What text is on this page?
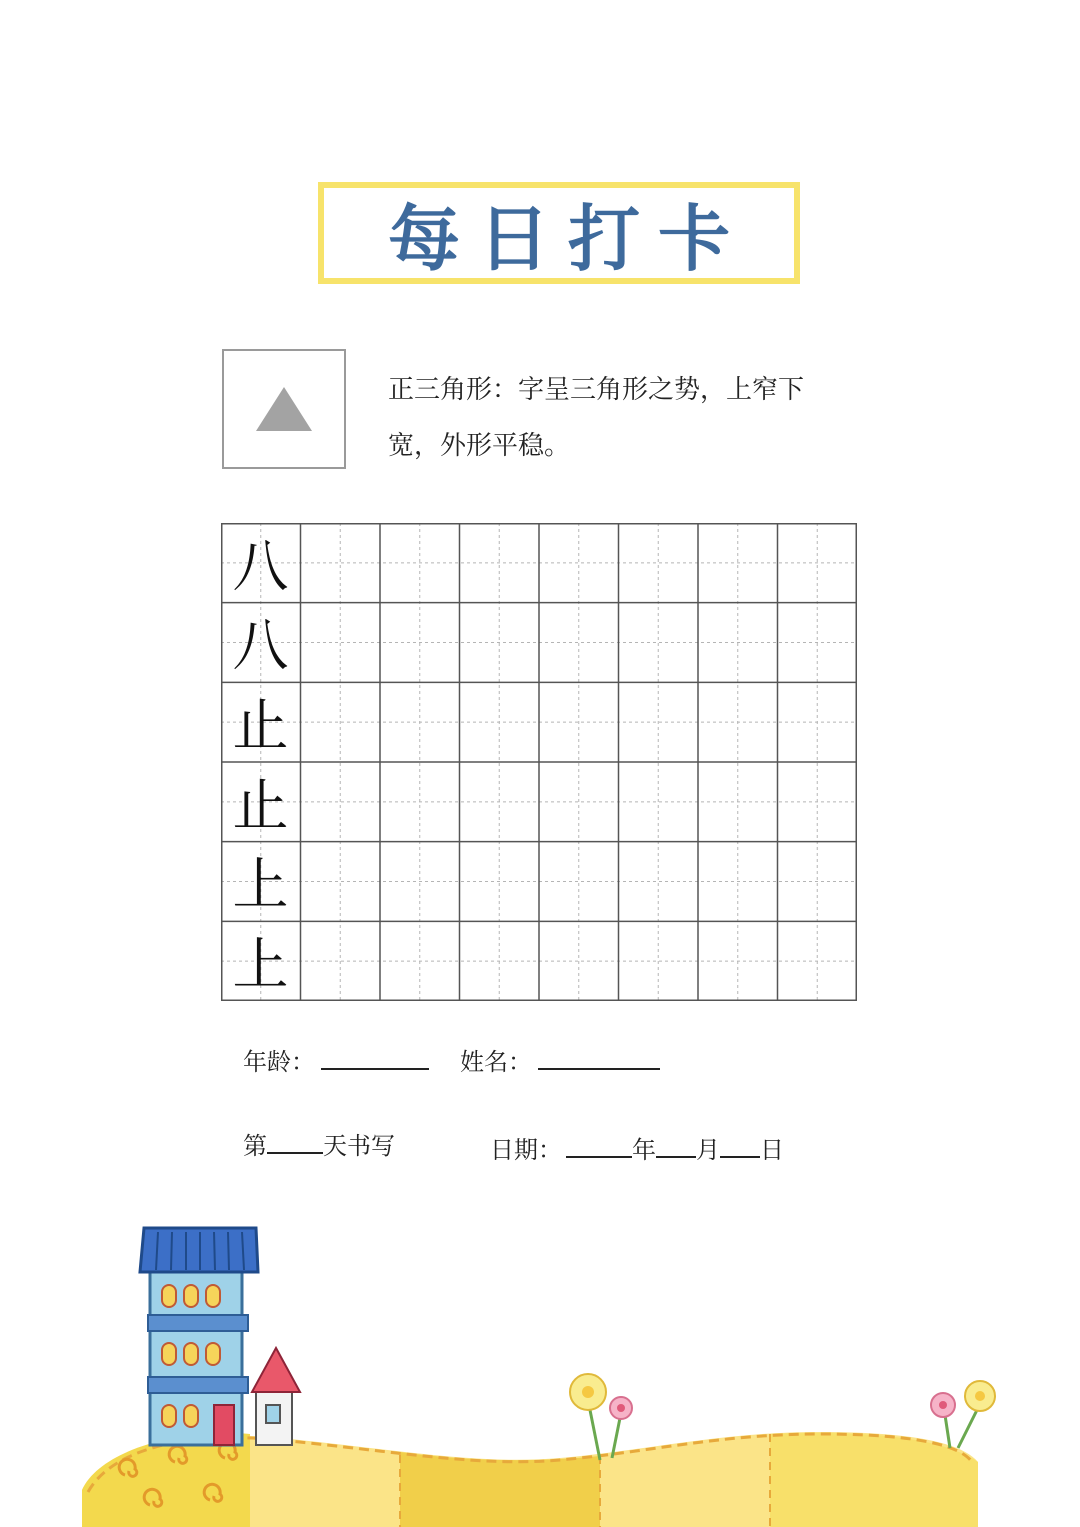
每日打卡
正三角形：字呈三角形之势，上窄下宽，外形平稳。
八
八
止
止
上
上
年龄：	姓名：
第 天书写	日期：	年 月 日
